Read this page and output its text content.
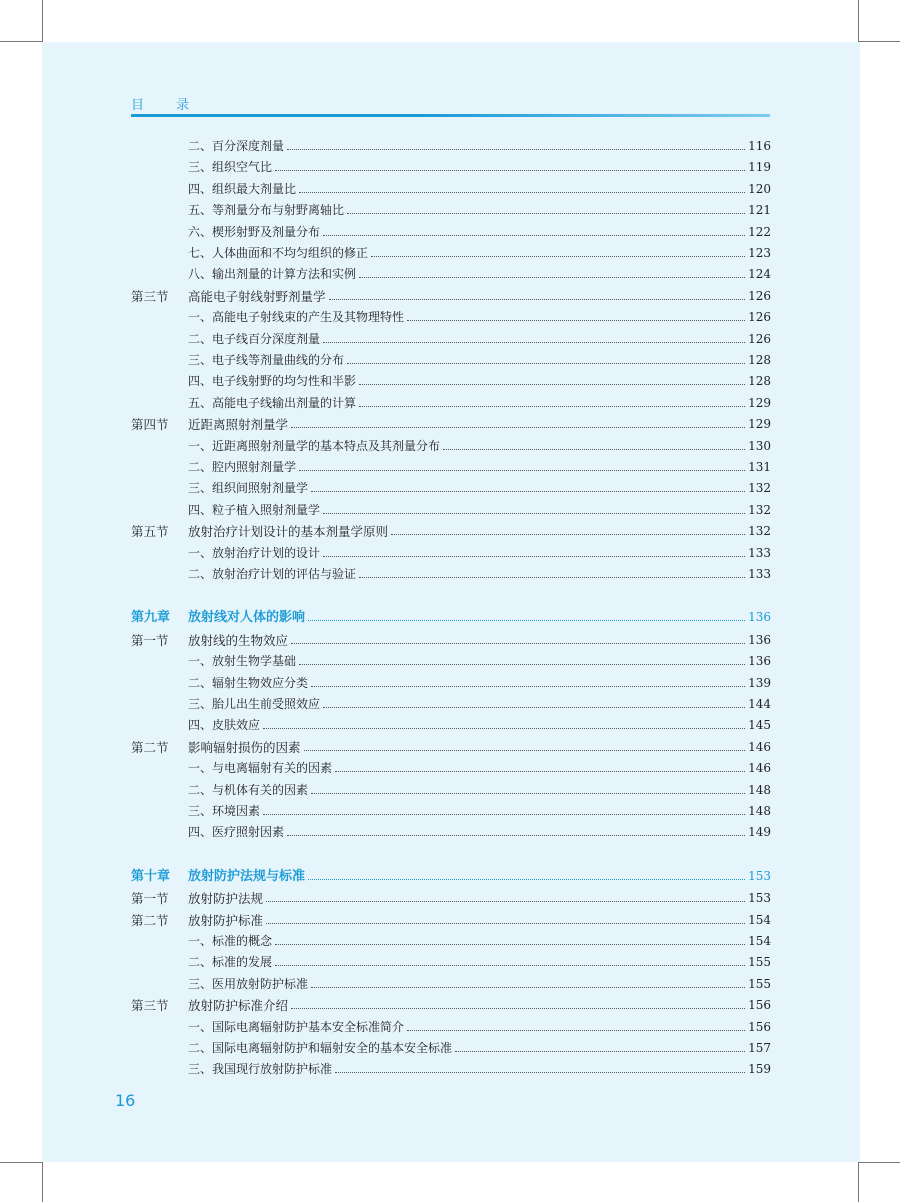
目 录
二、百分深度剂量	116
三、组织空气比	119
四、组织最大剂量比	120
五、等剂量分布与射野离轴比	121
六、楔形射野及剂量分布	122
七、人体曲面和不均匀组织的修正	123
八、输出剂量的计算方法和实例	124
第三节 高能电子射线射野剂量学	126
一、高能电子射线束的产生及其物理特性	126
二、电子线百分深度剂量	126
三、电子线等剂量曲线的分布	128
四、电子线射野的均匀性和半影	128
五、高能电子线输出剂量的计算	129
第四节 近距离照射剂量学	129
一、近距离照射剂量学的基本特点及其剂量分布	130
二、腔内照射剂量学	131
三、组织间照射剂量学	132
四、粒子植入照射剂量学	132
第五节 放射治疗计划设计的基本剂量学原则	132
一、放射治疗计划的设计	133
二、放射治疗计划的评估与验证	133
第九章 放射线对人体的影响	136
第一节 放射线的生物效应	136
一、放射生物学基础	136
二、辐射生物效应分类	139
三、胎儿出生前受照效应	144
四、皮肤效应	145
第二节 影响辐射损伤的因素	146
一、与电离辐射有关的因素	146
二、与机体有关的因素	148
三、环境因素	148
四、医疗照射因素	149
第十章 放射防护法规与标准	153
第一节 放射防护法规	153
第二节 放射防护标准	154
一、标准的概念	154
二、标准的发展	155
三、医用放射防护标准	155
第三节 放射防护标准介绍	156
一、国际电离辐射防护基本安全标准简介	156
二、国际电离辐射防护和辐射安全的基本安全标准	157
三、我国现行放射防护标准	159
16
